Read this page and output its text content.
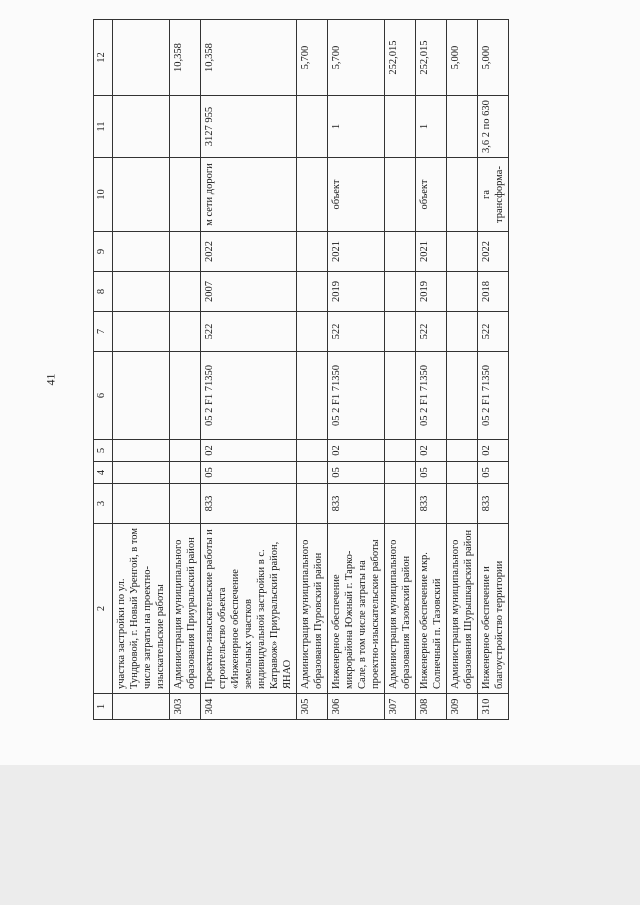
41
1	2	3	4	5	6	7	8	9	10	11	12
	участка застройки по ул. Тундровой, г. Новый Уренгой, в том числе затраты на проектно-изыскательские работы										
303	Администрация муниципального образования Приуральский район										10,358
304	Проектно-изыскательские работы и строительство объекта «Инженерное обеспечение земельных участков индивидуальной застройки в с. Катравож» Приуральский район, ЯНАО	833	05	02	05 2 F1 71350	522	2007	2022	м сети дороги	3127 955	10,358
305	Администрация муниципального образования Пуровский район										5,700
306	Инженерное обеспечение микрорайона Южный г. Тарко-Сале, в том числе затраты на проектно-изыскательские работы	833	05	02	05 2 F1 71350	522	2019	2021	объект	1	5,700
307	Администрация муниципального образования Тазовский район										252,015
308	Инженерное обеспечение мкр. Солнечный п. Тазовский	833	05	02	05 2 F1 71350	522	2019	2021	объект	1	252,015
309	Администрация муниципального образования Шурышкарский район										5,000
310	Инженерное обеспечение и благоустройство территории	833	05	02	05 2 F1 71350	522	2018	2022	га трансформа-	3,6 2 по 630	5,000
